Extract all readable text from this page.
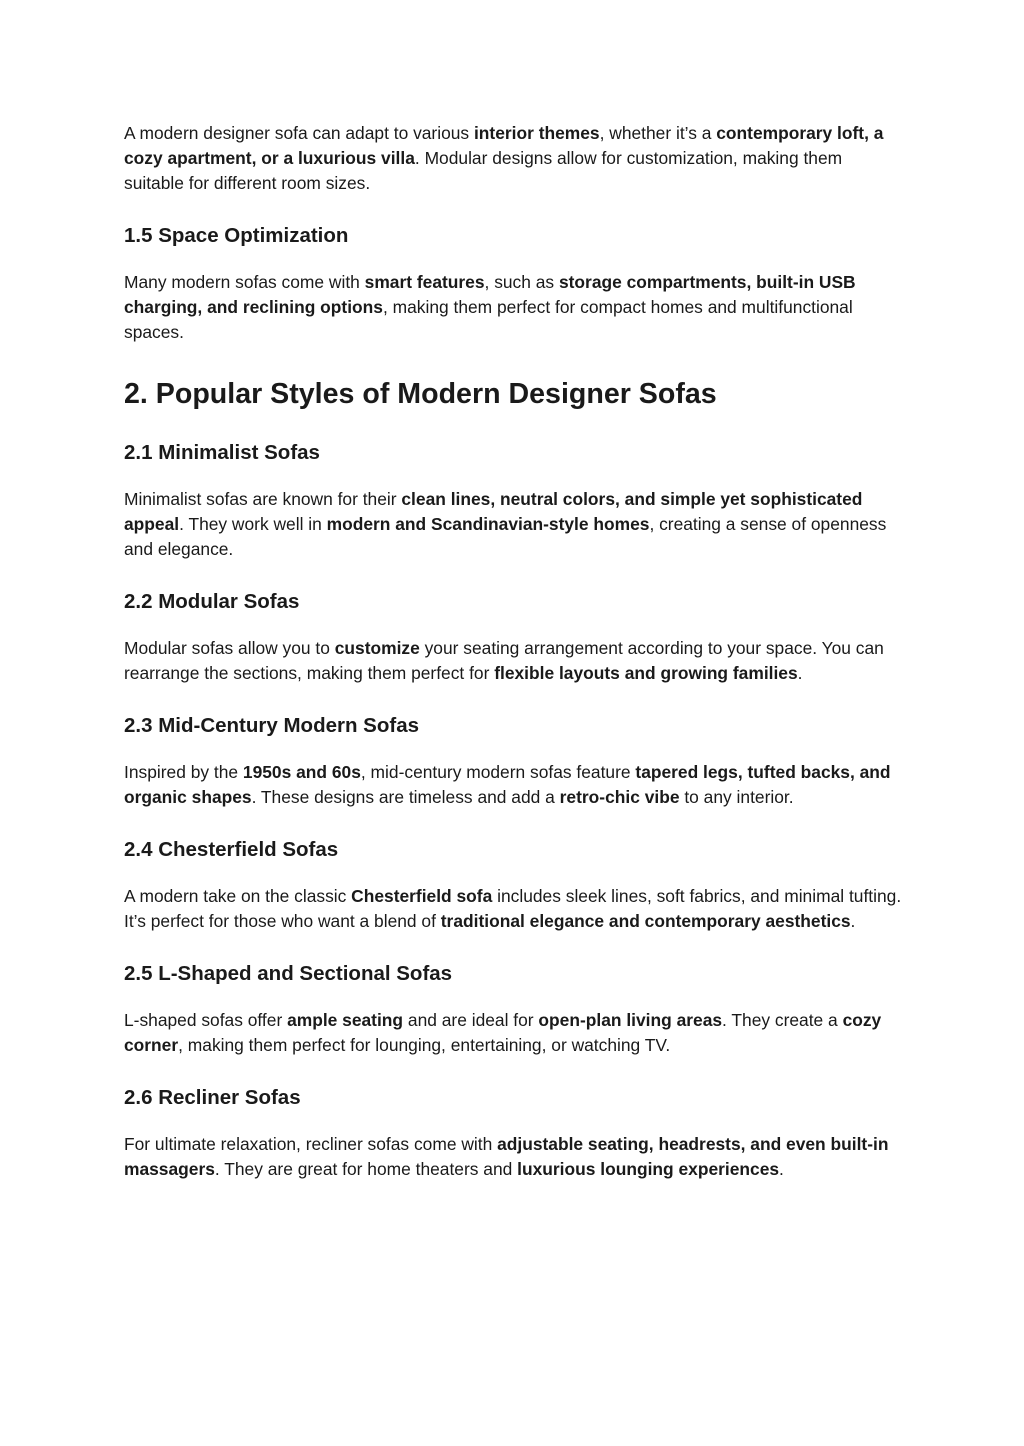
A modern designer sofa can adapt to various interior themes, whether it’s a contemporary loft, a cozy apartment, or a luxurious villa. Modular designs allow for customization, making them suitable for different room sizes.

1.5 Space Optimization

Many modern sofas come with smart features, such as storage compartments, built-in USB charging, and reclining options, making them perfect for compact homes and multifunctional spaces.

2. Popular Styles of Modern Designer Sofas
2.1 Minimalist Sofas

Minimalist sofas are known for their clean lines, neutral colors, and simple yet sophisticated appeal. They work well in modern and Scandinavian-style homes, creating a sense of openness and elegance.

2.2 Modular Sofas

Modular sofas allow you to customize your seating arrangement according to your space. You can rearrange the sections, making them perfect for flexible layouts and growing families.

2.3 Mid-Century Modern Sofas

Inspired by the 1950s and 60s, mid-century modern sofas feature tapered legs, tufted backs, and organic shapes. These designs are timeless and add a retro-chic vibe to any interior.

2.4 Chesterfield Sofas

A modern take on the classic Chesterfield sofa includes sleek lines, soft fabrics, and minimal tufting. It’s perfect for those who want a blend of traditional elegance and contemporary aesthetics.

2.5 L-Shaped and Sectional Sofas

L-shaped sofas offer ample seating and are ideal for open-plan living areas. They create a cozy corner, making them perfect for lounging, entertaining, or watching TV.

2.6 Recliner Sofas

For ultimate relaxation, recliner sofas come with adjustable seating, headrests, and even built-in massagers. They are great for home theaters and luxurious lounging experiences.
